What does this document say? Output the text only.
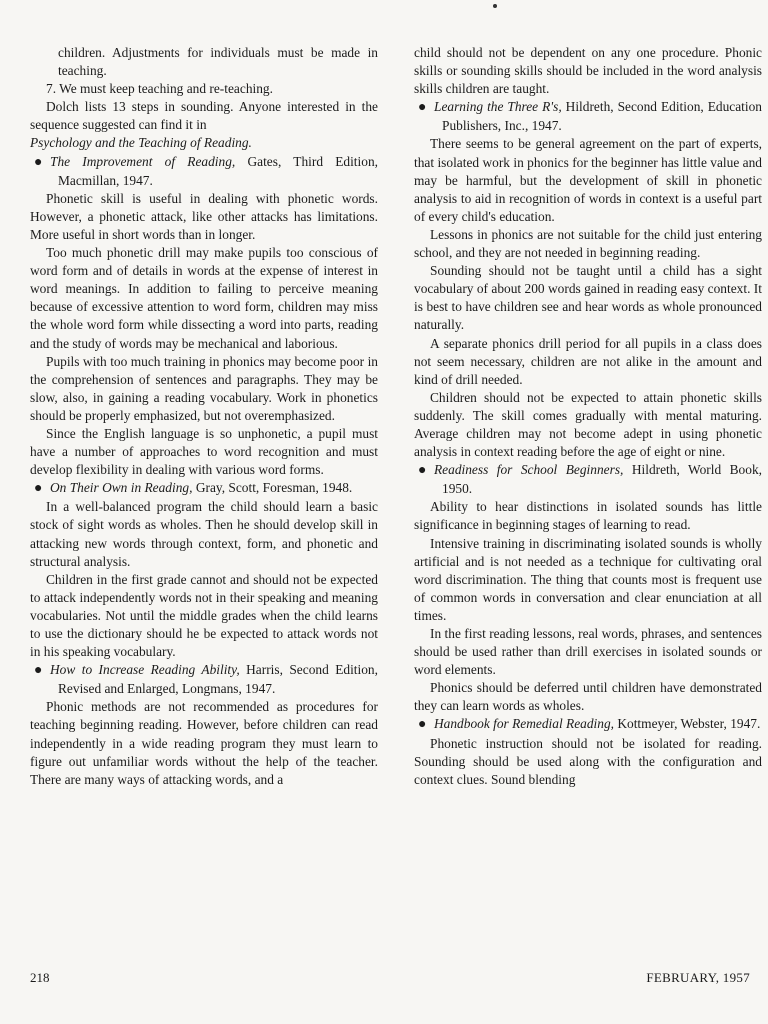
children. Adjustments for individuals must be made in teaching.

7. We must keep teaching and re-teaching.

Dolch lists 13 steps in sounding. Anyone interested in the sequence suggested can find it in

Psychology and the Teaching of Reading.

● The Improvement of Reading, Gates, Third Edition, Macmillan, 1947.

Phonetic skill is useful in dealing with phonetic words. However, a phonetic attack, like other attacks has limitations. More useful in short words than in longer.

Too much phonetic drill may make pupils too conscious of word form and of details in words at the expense of interest in word meanings. In addition to failing to perceive meaning because of excessive attention to word form, children may miss the whole word form while dissecting a word into parts, reading and the study of words may be mechanical and laborious.

Pupils with too much training in phonics may become poor in the comprehension of sentences and paragraphs. They may be slow, also, in gaining a reading vocabulary. Work in phonetics should be properly emphasized, but not overemphasized.

Since the English language is so unphonetic, a pupil must have a number of approaches to word recognition and must develop flexibility in dealing with various word forms.

● On Their Own in Reading, Gray, Scott, Foresman, 1948.

In a well-balanced program the child should learn a basic stock of sight words as wholes. Then he should develop skill in attacking new words through context, form, and phonetic and structural analysis.

Children in the first grade cannot and should not be expected to attack independently words not in their speaking and meaning vocabularies. Not until the middle grades when the child learns to use the dictionary should he be expected to attack words not in his speaking vocabulary.

● How to Increase Reading Ability, Harris, Second Edition, Revised and Enlarged, Longmans, 1947.

Phonic methods are not recommended as procedures for teaching beginning reading. However, before children can read independently in a wide reading program they must learn to figure out unfamiliar words without the help of the teacher. There are many ways of attacking words, and a

child should not be dependent on any one procedure. Phonic skills or sounding skills should be included in the word analysis skills children are taught.

● Learning the Three R's, Hildreth, Second Edition, Education Publishers, Inc., 1947.

There seems to be general agreement on the part of experts, that isolated work in phonics for the beginner has little value and may be harmful, but the development of skill in phonetic analysis to aid in recognition of words in context is a useful part of every child's education.

Lessons in phonics are not suitable for the child just entering school, and they are not needed in beginning reading.

Sounding should not be taught until a child has a sight vocabulary of about 200 words gained in reading easy context. It is best to have children see and hear words as whole pronounced naturally.

A separate phonics drill period for all pupils in a class does not seem necessary, children are not alike in the amount and kind of drill needed.

Children should not be expected to attain phonetic skills suddenly. The skill comes gradually with mental maturing. Average children may not become adept in using phonetic analysis in context reading before the age of eight or nine.

● Readiness for School Beginners, Hildreth, World Book, 1950.

Ability to hear distinctions in isolated sounds has little significance in beginning stages of learning to read.

Intensive training in discriminating isolated sounds is wholly artificial and is not needed as a technique for cultivating oral word discrimination. The thing that counts most is frequent use of common words in conversation and clear enunciation at all times.

In the first reading lessons, real words, phrases, and sentences should be used rather than drill exercises in isolated sounds or word elements.

Phonics should be deferred until children have demonstrated they can learn words as wholes.

● Handbook for Remedial Reading, Kottmeyer, Webster, 1947.

Phonetic instruction should not be isolated for reading. Sounding should be used along with the configuration and context clues. Sound blending

218	FEBRUARY, 1957
